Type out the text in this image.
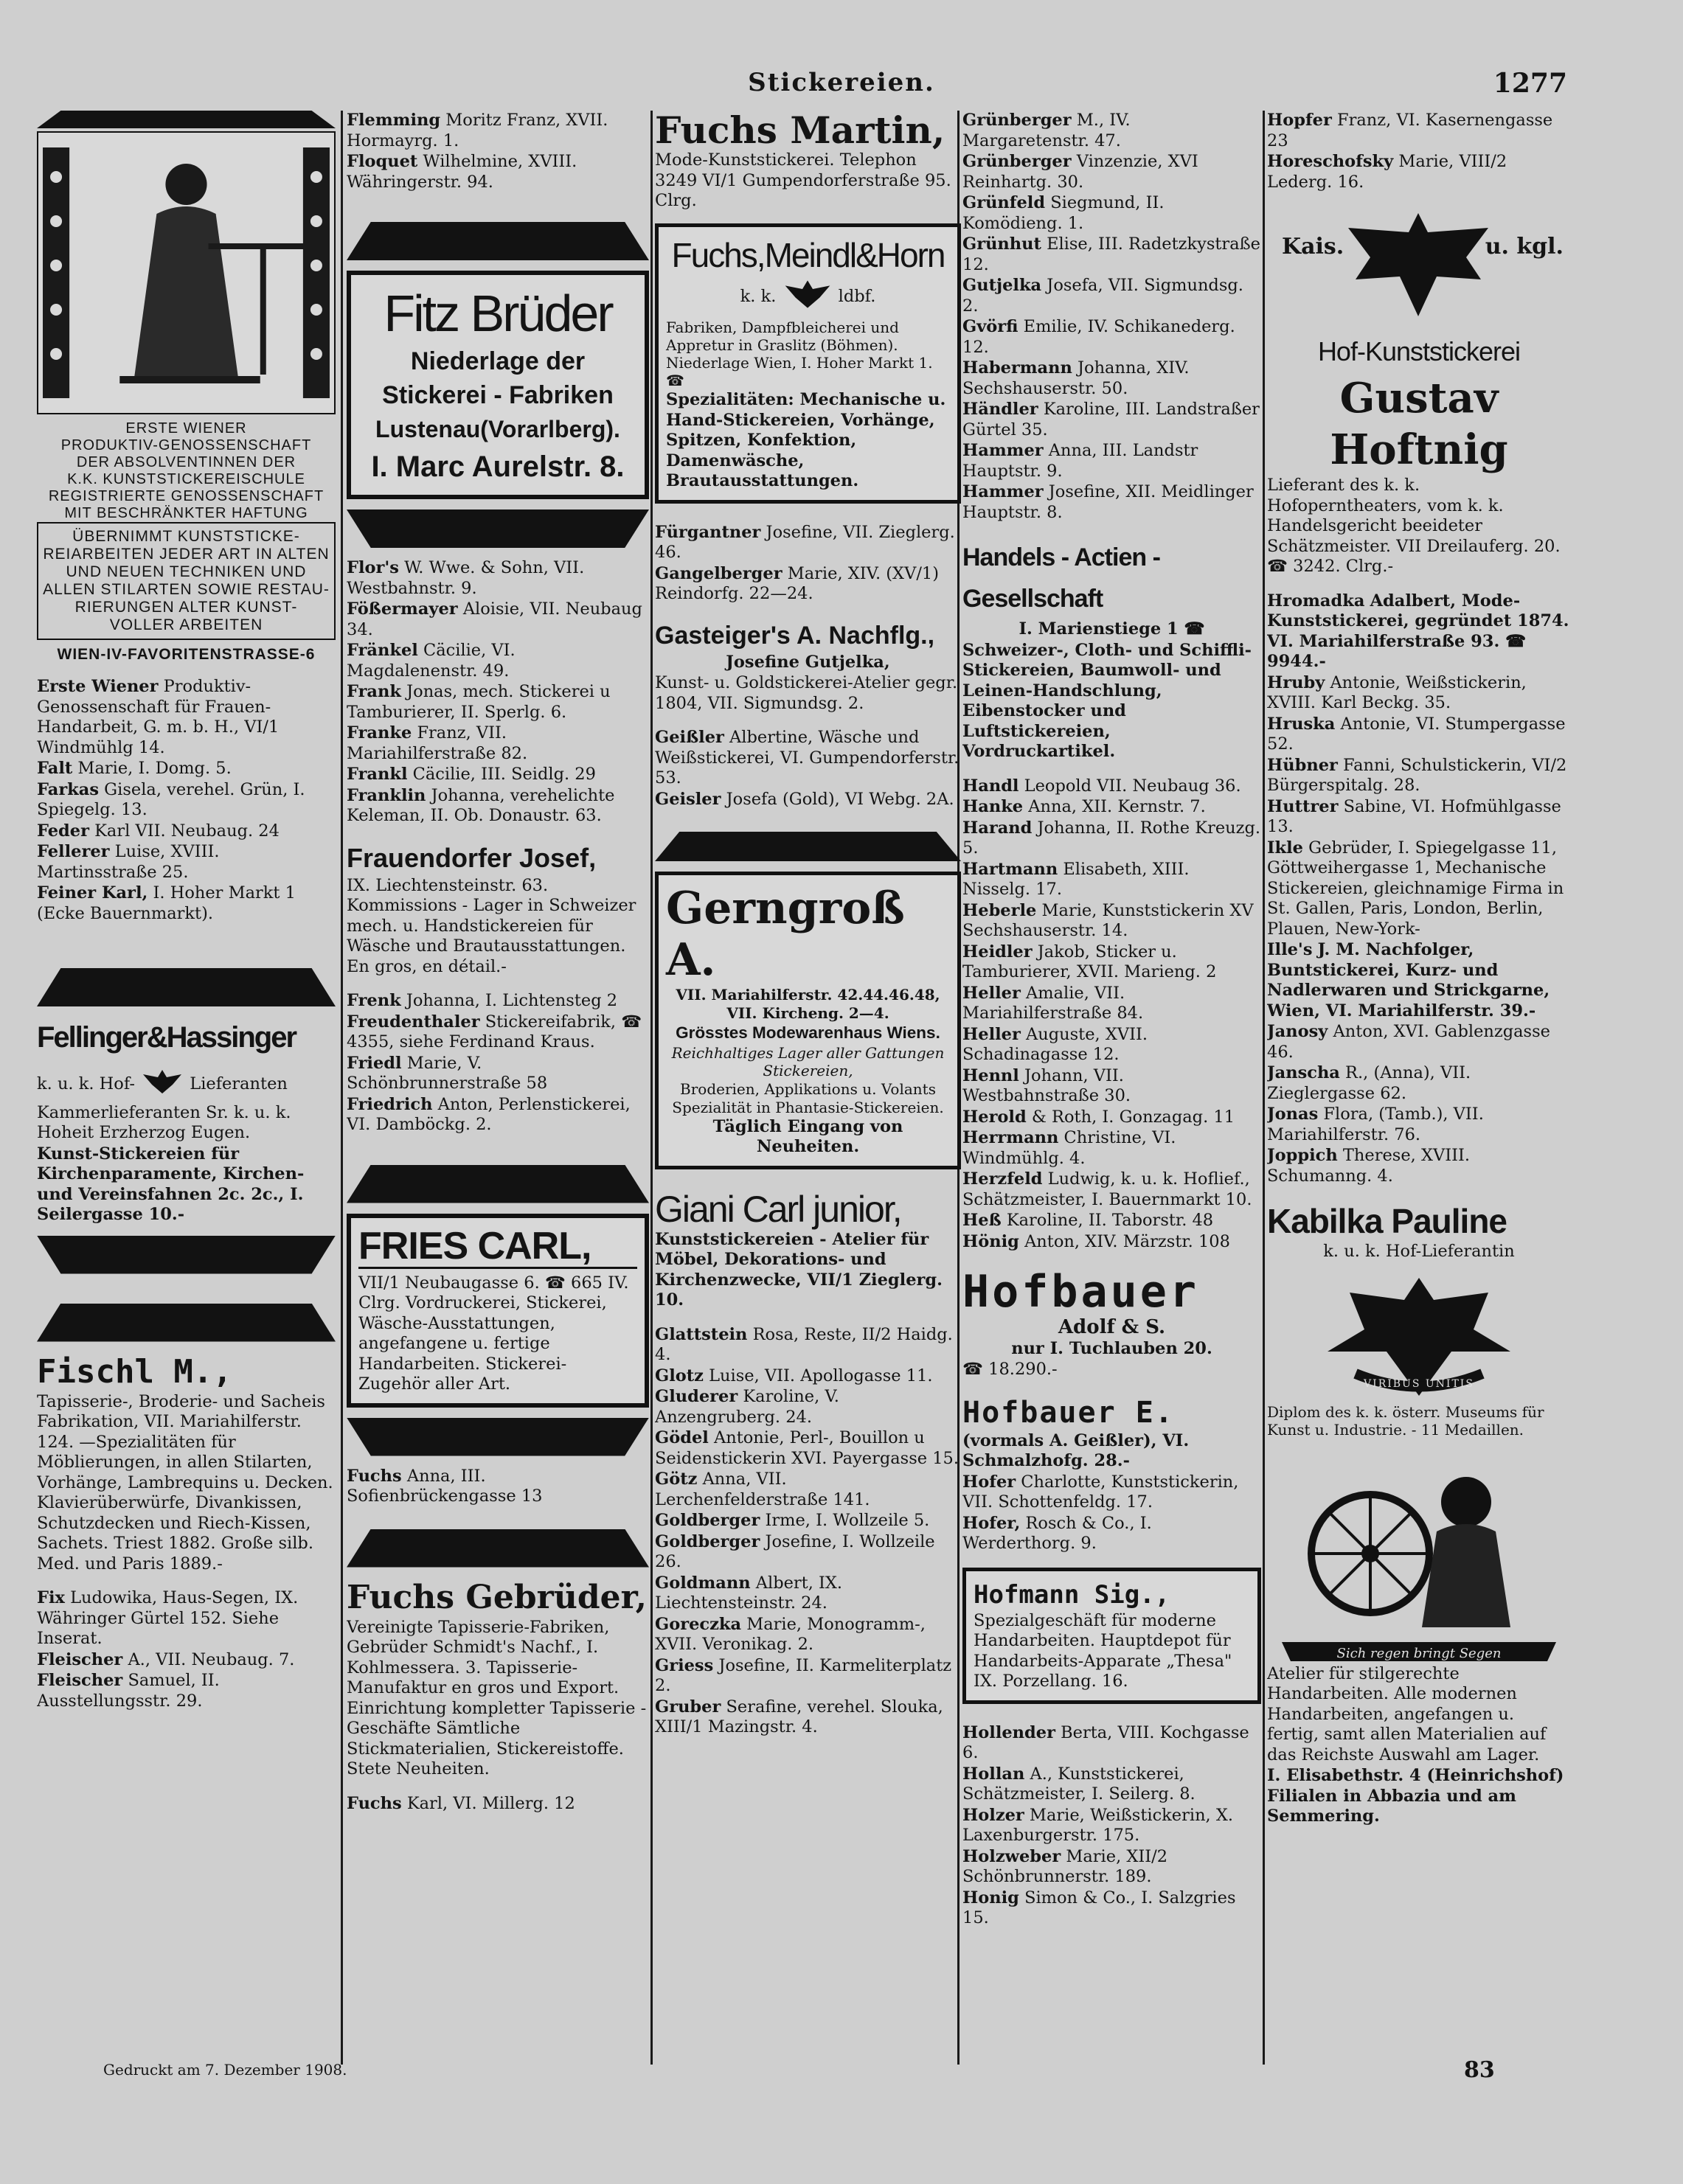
Stickereien.	1277
ERSTE WIENER
PRODUKTIV-GENOSSENSCHAFT
DER ABSOLVENTINNEN DER
K.K. KUNSTSTICKEREISCHULE
REGISTRIERTE GENOSSENSCHAFT
MIT BESCHRÄNKTER HAFTUNG
ÜBERNIMMT KUNSTSTICKE-REIARBEITEN JEDER ART IN ALTEN UND NEUEN TECHNIKEN UND ALLEN STILARTEN SOWIE RESTAU-RIERUNGEN ALTER KUNST-VOLLER ARBEITEN
WIEN-IV-FAVORITENSTRASSE-6
Erste Wiener Produktiv-Genossenschaft für Frauen-Handarbeit, G. m. b. H., VI/1 Windmühlg 14.
Falt Marie, I. Domg. 5.
Farkas Gisela, verehel. Grün, I. Spiegelg. 13.
Feder Karl VII. Neubaug. 24
Fellerer Luise, XVIII. Martinsstraße 25.
Feiner Karl, I. Hoher Markt 1 (Ecke Bauernmarkt).
Fellinger&Hassinger
k. u. k. Hof-	Lieferanten
Kammerlieferanten Sr. k. u. k. Hoheit Erzherzog Eugen.
Kunst-Stickereien für Kirchenparamente, Kirchen- und Vereinsfahnen 2c. 2c., I. Seilergasse 10.-
Fischl M.,
Tapisserie-, Broderie- und Sacheis Fabrikation, VII. Mariahilferstr. 124. —Spezialitäten für Möblierungen, in allen Stilarten, Vorhänge, Lambrequins u. Decken. Klavierüberwürfe, Divankissen, Schutzdecken und Riech-Kissen, Sachets. Triest 1882. Große silb. Med. und Paris 1889.-
Fix Ludowika, Haus-Segen, IX. Währinger Gürtel 152. Siehe Inserat.
Fleischer A., VII. Neubaug. 7.
Fleischer Samuel, II. Ausstellungsstr. 29.
Flemming Moritz Franz, XVII. Hormayrg. 1.
Floquet Wilhelmine, XVIII. Währingerstr. 94.
Fitz Brüder
Niederlage der
Stickerei - Fabriken
Lustenau(Vorarlberg).
I. Marc Aurelstr. 8.
Flor's W. Wwe. & Sohn, VII. Westbahnstr. 9.
Fößermayer Aloisie, VII. Neubaug 34.
Fränkel Cäcilie, VI. Magdalenenstr. 49.
Frank Jonas, mech. Stickerei u Tamburierer, II. Sperlg. 6.
Franke Franz, VII. Mariahilferstraße 82.
Frankl Cäcilie, III. Seidlg. 29
Franklin Johanna, verehelichte Keleman, II. Ob. Donaustr. 63.
Frauendorfer Josef,
IX. Liechtensteinstr. 63. Kommissions - Lager in Schweizer mech. u. Handstickereien für Wäsche und Brautausstattungen. En gros, en détail.-
Frenk Johanna, I. Lichtensteg 2
Freudenthaler Stickereifabrik, ☎ 4355, siehe Ferdinand Kraus.
Friedl Marie, V. Schönbrunnerstraße 58
Friedrich Anton, Perlenstickerei, VI. Damböckg. 2.
FRIES CARL,
VII/1 Neubaugasse 6. ☎ 665 IV. Clrg. Vordruckerei, Stickerei, Wäsche-Ausstattungen, angefangene u. fertige Handarbeiten. Stickerei-Zugehör aller Art.
Fuchs Anna, III. Sofienbrückengasse 13
Fuchs Gebrüder,
Vereinigte Tapisserie-Fabriken, Gebrüder Schmidt's Nachf., I. Kohlmessera. 3. Tapisserie-Manufaktur en gros und Export. Einrichtung kompletter Tapisserie - Geschäfte Sämtliche Stickmaterialien, Stickereistoffe. Stete Neuheiten.
Fuchs Karl, VI. Millerg. 12
Fuchs Martin,
Mode-Kunststickerei. Telephon 3249 VI/1 Gumpendorferstraße 95. Clrg.
Fuchs,Meindl&Horn
k. k.	ldbf.
Fabriken, Dampfbleicherei und Appretur in Graslitz (Böhmen). Niederlage Wien, I. Hoher Markt 1. ☎
Spezialitäten: Mechanische u. Hand-Stickereien, Vorhänge, Spitzen, Konfektion, Damenwäsche, Brautausstattungen.
Fürgantner Josefine, VII. Zieglerg. 46.
Gangelberger Marie, XIV. (XV/1) Reindorfg. 22—24.
Gasteiger's A. Nachflg.,
Josefine Gutjelka,
Kunst- u. Goldstickerei-Atelier gegr. 1804, VII. Sigmundsg. 2.
Geißler Albertine, Wäsche und Weißstickerei, VI. Gumpendorferstr. 53.
Geisler Josefa (Gold), VI Webg. 2A.
Gerngroß A.
VII. Mariahilferstr. 42.44.46.48,
VII. Kircheng. 2—4.
Grösstes Modewarenhaus Wiens.
Reichhaltiges Lager aller Gattungen Stickereien,
Broderien, Applikations u. Volants
Spezialität in Phantasie-Stickereien.
Täglich Eingang von Neuheiten.
Giani Carl junior,
Kunststickereien - Atelier für Möbel, Dekorations- und Kirchenzwecke, VII/1 Zieglerg. 10.
Glattstein Rosa, Reste, II/2 Haidg. 4.
Glotz Luise, VII. Apollogasse 11.
Gluderer Karoline, V. Anzengruberg. 24.
Gödel Antonie, Perl-, Bouillon u Seidenstickerin XVI. Payergasse 15.
Götz Anna, VII. Lerchenfelderstraße 141.
Goldberger Irme, I. Wollzeile 5.
Goldberger Josefine, I. Wollzeile 26.
Goldmann Albert, IX. Liechtensteinstr. 24.
Goreczka Marie, Monogramm-, XVII. Veronikag. 2.
Griess Josefine, II. Karmeliterplatz 2.
Gruber Serafine, verehel. Slouka, XIII/1 Mazingstr. 4.
Grünberger M., IV. Margaretenstr. 47.
Grünberger Vinzenzie, XVI Reinhartg. 30.
Grünfeld Siegmund, II. Komödieng. 1.
Grünhut Elise, III. Radetzkystraße 12.
Gutjelka Josefa, VII. Sigmundsg. 2.
Gvörfi Emilie, IV. Schikanederg. 12.
Habermann Johanna, XIV. Sechshauserstr. 50.
Händler Karoline, III. Landstraßer Gürtel 35.
Hammer Anna, III. Landstr Hauptstr. 9.
Hammer Josefine, XII. Meidlinger Hauptstr. 8.
Handels - Actien - Gesellschaft
I. Marienstiege 1 ☎
Schweizer-, Cloth- und Schiffli-Stickereien, Baumwoll- und Leinen-Handschlung, Eibenstocker und Luftstickereien, Vordruckartikel.
Handl Leopold VII. Neubaug 36.
Hanke Anna, XII. Kernstr. 7.
Harand Johanna, II. Rothe Kreuzg. 5.
Hartmann Elisabeth, XIII. Nisselg. 17.
Heberle Marie, Kunststickerin XV Sechshauserstr. 14.
Heidler Jakob, Sticker u. Tamburierer, XVII. Marieng. 2
Heller Amalie, VII. Mariahilferstraße 84.
Heller Auguste, XVII. Schadinagasse 12.
Hennl Johann, VII. Westbahnstraße 30.
Herold & Roth, I. Gonzagag. 11
Herrmann Christine, VI. Windmühlg. 4.
Herzfeld Ludwig, k. u. k. Hoflief., Schätzmeister, I. Bauernmarkt 10.
Heß Karoline, II. Taborstr. 48
Hönig Anton, XIV. Märzstr. 108
Hofbauer
Adolf & S.
nur I. Tuchlauben 20.
☎ 18.290.-
Hofbauer E.
(vormals A. Geißler), VI. Schmalzhofg. 28.-
Hofer Charlotte, Kunststickerin, VII. Schottenfeldg. 17.
Hofer, Rosch & Co., I. Werderthorg. 9.
Hofmann Sig.,
Spezialgeschäft für moderne Handarbeiten. Hauptdepot für Handarbeits-Apparate „Thesa" IX. Porzellang. 16.
Hollender Berta, VIII. Kochgasse 6.
Hollan A., Kunststickerei, Schätzmeister, I. Seilerg. 8.
Holzer Marie, Weißstickerin, X. Laxenburgerstr. 175.
Holzweber Marie, XII/2 Schönbrunnerstr. 189.
Honig Simon & Co., I. Salzgries 15.
Hopfer Franz, VI. Kasernengasse 23
Horeschofsky Marie, VIII/2 Lederg. 16.
Kais.	u. kgl.
Hof-Kunststickerei
Gustav Hoftnig
Lieferant des k. k. Hofoperntheaters, vom k. k. Handelsgericht beeideter Schätzmeister. VII Dreilauferg. 20. ☎ 3242. Clrg.-
Hromadka Adalbert, Mode-Kunststickerei, gegründet 1874. VI. Mariahilferstraße 93. ☎ 9944.-
Hruby Antonie, Weißstickerin, XVIII. Karl Beckg. 35.
Hruska Antonie, VI. Stumpergasse 52.
Hübner Fanni, Schulstickerin, VI/2 Bürgerspitalg. 28.
Huttrer Sabine, VI. Hofmühlgasse 13.
Ikle Gebrüder, I. Spiegelgasse 11, Göttweihergasse 1, Mechanische Stickereien, gleichnamige Firma in St. Gallen, Paris, London, Berlin, Plauen, New-York-
Ille's J. M. Nachfolger, Buntstickerei, Kurz- und Nadlerwaren und Strickgarne, Wien, VI. Mariahilferstr. 39.-
Janosy Anton, XVI. Gablenzgasse 46.
Janscha R., (Anna), VII. Zieglergasse 62.
Jonas Flora, (Tamb.), VII. Mariahilferstr. 76.
Joppich Therese, XVIII. Schumanng. 4.
Kabilka Pauline
k. u. k. Hof-Lieferantin
VIRIBUS UNITIS
Diplom des k. k. österr. Museums für Kunst u. Industrie. - 11 Medaillen.
Sich regen bringt Segen
Atelier für stilgerechte Handarbeiten. Alle modernen Handarbeiten, angefangen u. fertig, samt allen Materialien auf das Reichste Auswahl am Lager.
I. Elisabethstr. 4 (Heinrichshof) Filialen in Abbazia und am Semmering.
Gedruckt am 7. Dezember 1908.	83
